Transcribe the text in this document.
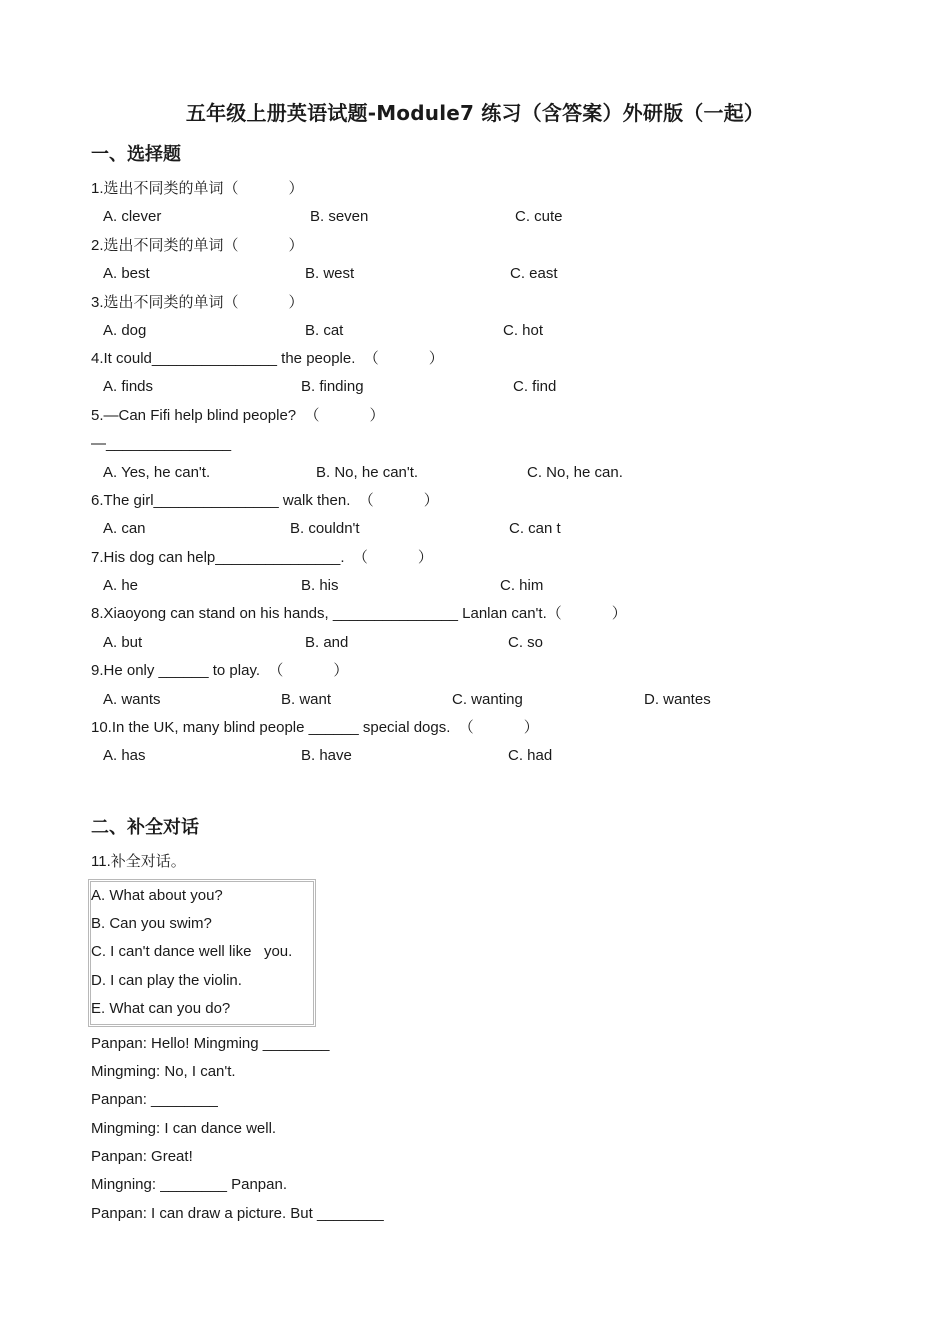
五年级上册英语试题-Module7 练习（含答案）外研版（一起）
一、选择题
1.选出不同类的单词（            ）
A. clever	B. seven	C. cute
2.选出不同类的单词（            ）
A. best	B. west	C. east
3.选出不同类的单词（            ）
A. dog	B. cat	C. hot
4.It could_______________ the people.  （            ）
A. finds	B. finding	C. find
5.—Can Fifi help blind people?  （            ）
—_______________
A. Yes, he can't.	B. No, he can't.	C. No, he can.
6.The girl_______________ walk then.  （            ）
A. can	B. couldn't	C. can t
7.His dog can help_______________.  （            ）
A. he	B. his	C. him
8.Xiaoyong can stand on his hands, _______________ Lanlan can't.（            ）
A. but	B. and	C. so
9.He only ______ to play.  （            ）
A. wants	B. want	C. wanting	D. wantes
10.In the UK, many blind people ______ special dogs.  （            ）
A. has	B. have	C. had
二、补全对话
11.补全对话。
A. What about you?
B. Can you swim?
C. I can't dance well like   you.
D. I can play the violin.
E. What can you do?
Panpan: Hello! Mingming ________
Mingming: No, I can't.
Panpan: ________
Mingming: I can dance well.
Panpan: Great!
Mingning: ________ Panpan.
Panpan: I can draw a picture. But ________
